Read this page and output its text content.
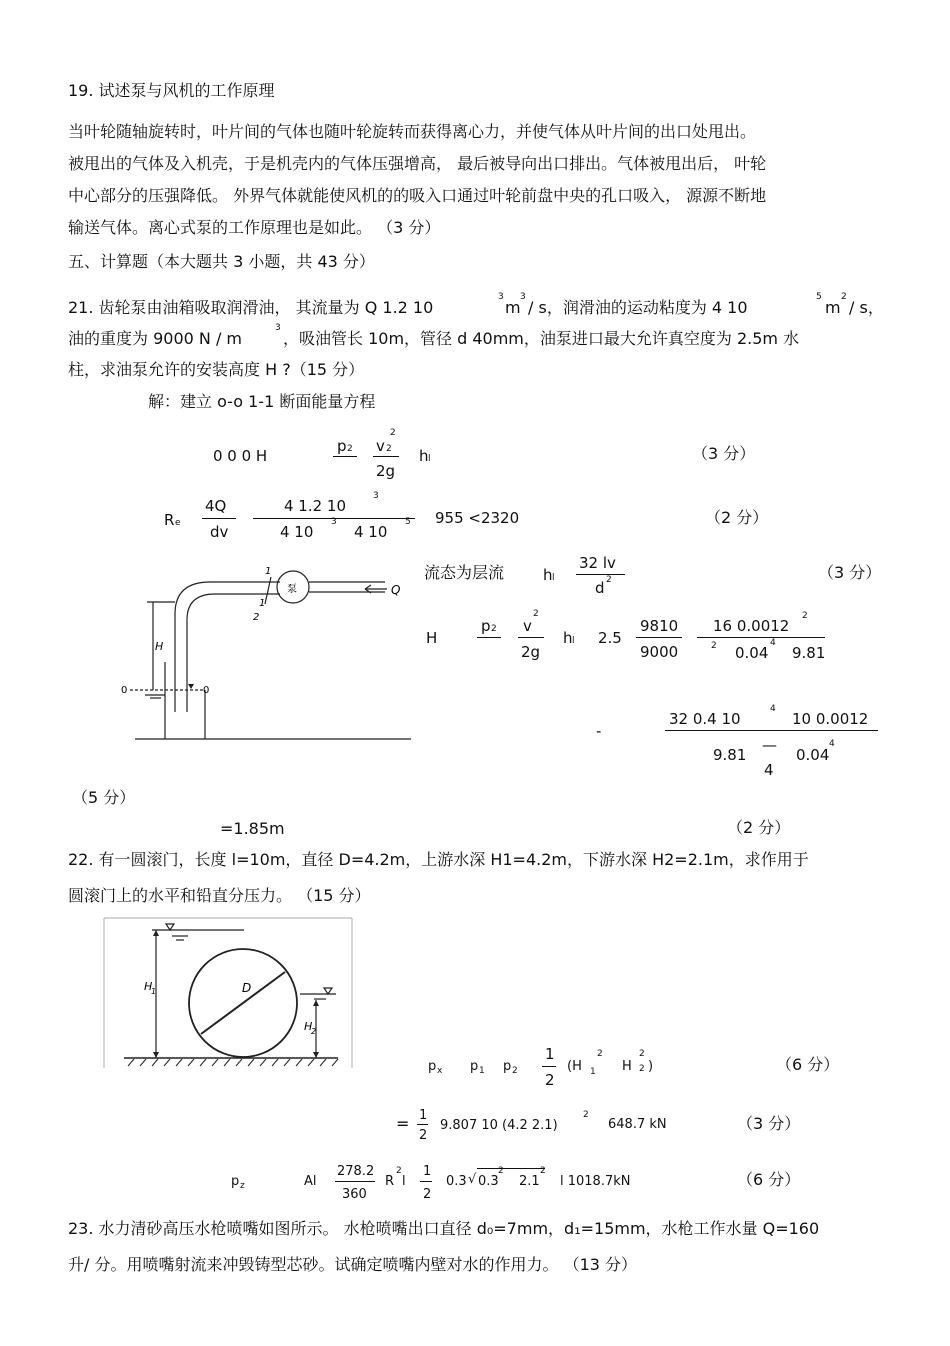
19. 试述泵与风机的工作原理
当叶轮随轴旋转时，叶片间的气体也随叶轮旋转而获得离心力，并使气体从叶片间的出口处甩出。
被甩出的气体及入机壳，于是机壳内的气体压强增高， 最后被导向出口排出。气体被甩出后， 叶轮
中心部分的压强降低。 外界气体就能使风机的的吸入口通过叶轮前盘中央的孔口吸入， 源源不断地
输送气体。离心式泵的工作原理也是如此。 （3 分）
五、计算题（本大题共 3 小题，共 43 分）
21. 齿轮泵由油箱吸取润滑油， 其流量为 Q 1.2 10
3
m
3
/ s，润滑油的运动粘度为 4 10
5
m
2
/ s，
油的重度为 9000 N / m
3
，吸油管长 10m，管径 d 40mm，油泵进口最大允许真空度为 2.5m 水
柱，求油泵允许的安装高度 H ?（15 分）
解：建立 o-o 1-1 断面能量方程
0 0 0 H
p 2 v 2
2
2g
h l	（3 分）
R e
4Q
dv
4 1.2 10
3
4 10
3
4 10
5 955 <2320	（2 分）
泵
H
Q
1
1
2
0	0
流态为层流	h l
32 lv
d 2	（3 分）
H
p 2 v
2
2g
h l 2.5
9810
9000
16 0.0012
2
2 0.04
4
9.81
-
32 0.4 10
4
10 0.0012
9.81
—
4
0.04
4
（5 分）
=1.85m	（2 分）
22. 有一圆滚门，长度 l=10m，直径 D=4.2m，上游水深 H1=4.2m，下游水深 H2=2.1m，求作用于
圆滚门上的水平和铅直分压力。 （15 分）
D
H
1
H
2
p x p 1 p 2
1
2
(H
2
1 H
2
2 )	（6 分）
= 1
2
9.807 10 (4.2 2.1)
2
648.7 kN	（3 分）
p z	Al
278.2
360
R
2
l
1
2
0.3 √ 0.3
2
2.1
2
l 1018.7kN	（6 分）
23. 水力清砂高压水枪喷嘴如图所示。 水枪喷嘴出口直径 d₀=7mm，d₁=15mm，水枪工作水量 Q=160
升/ 分。用喷嘴射流来冲毁铸型芯砂。试确定喷嘴内壁对水的作用力。 （13 分）
